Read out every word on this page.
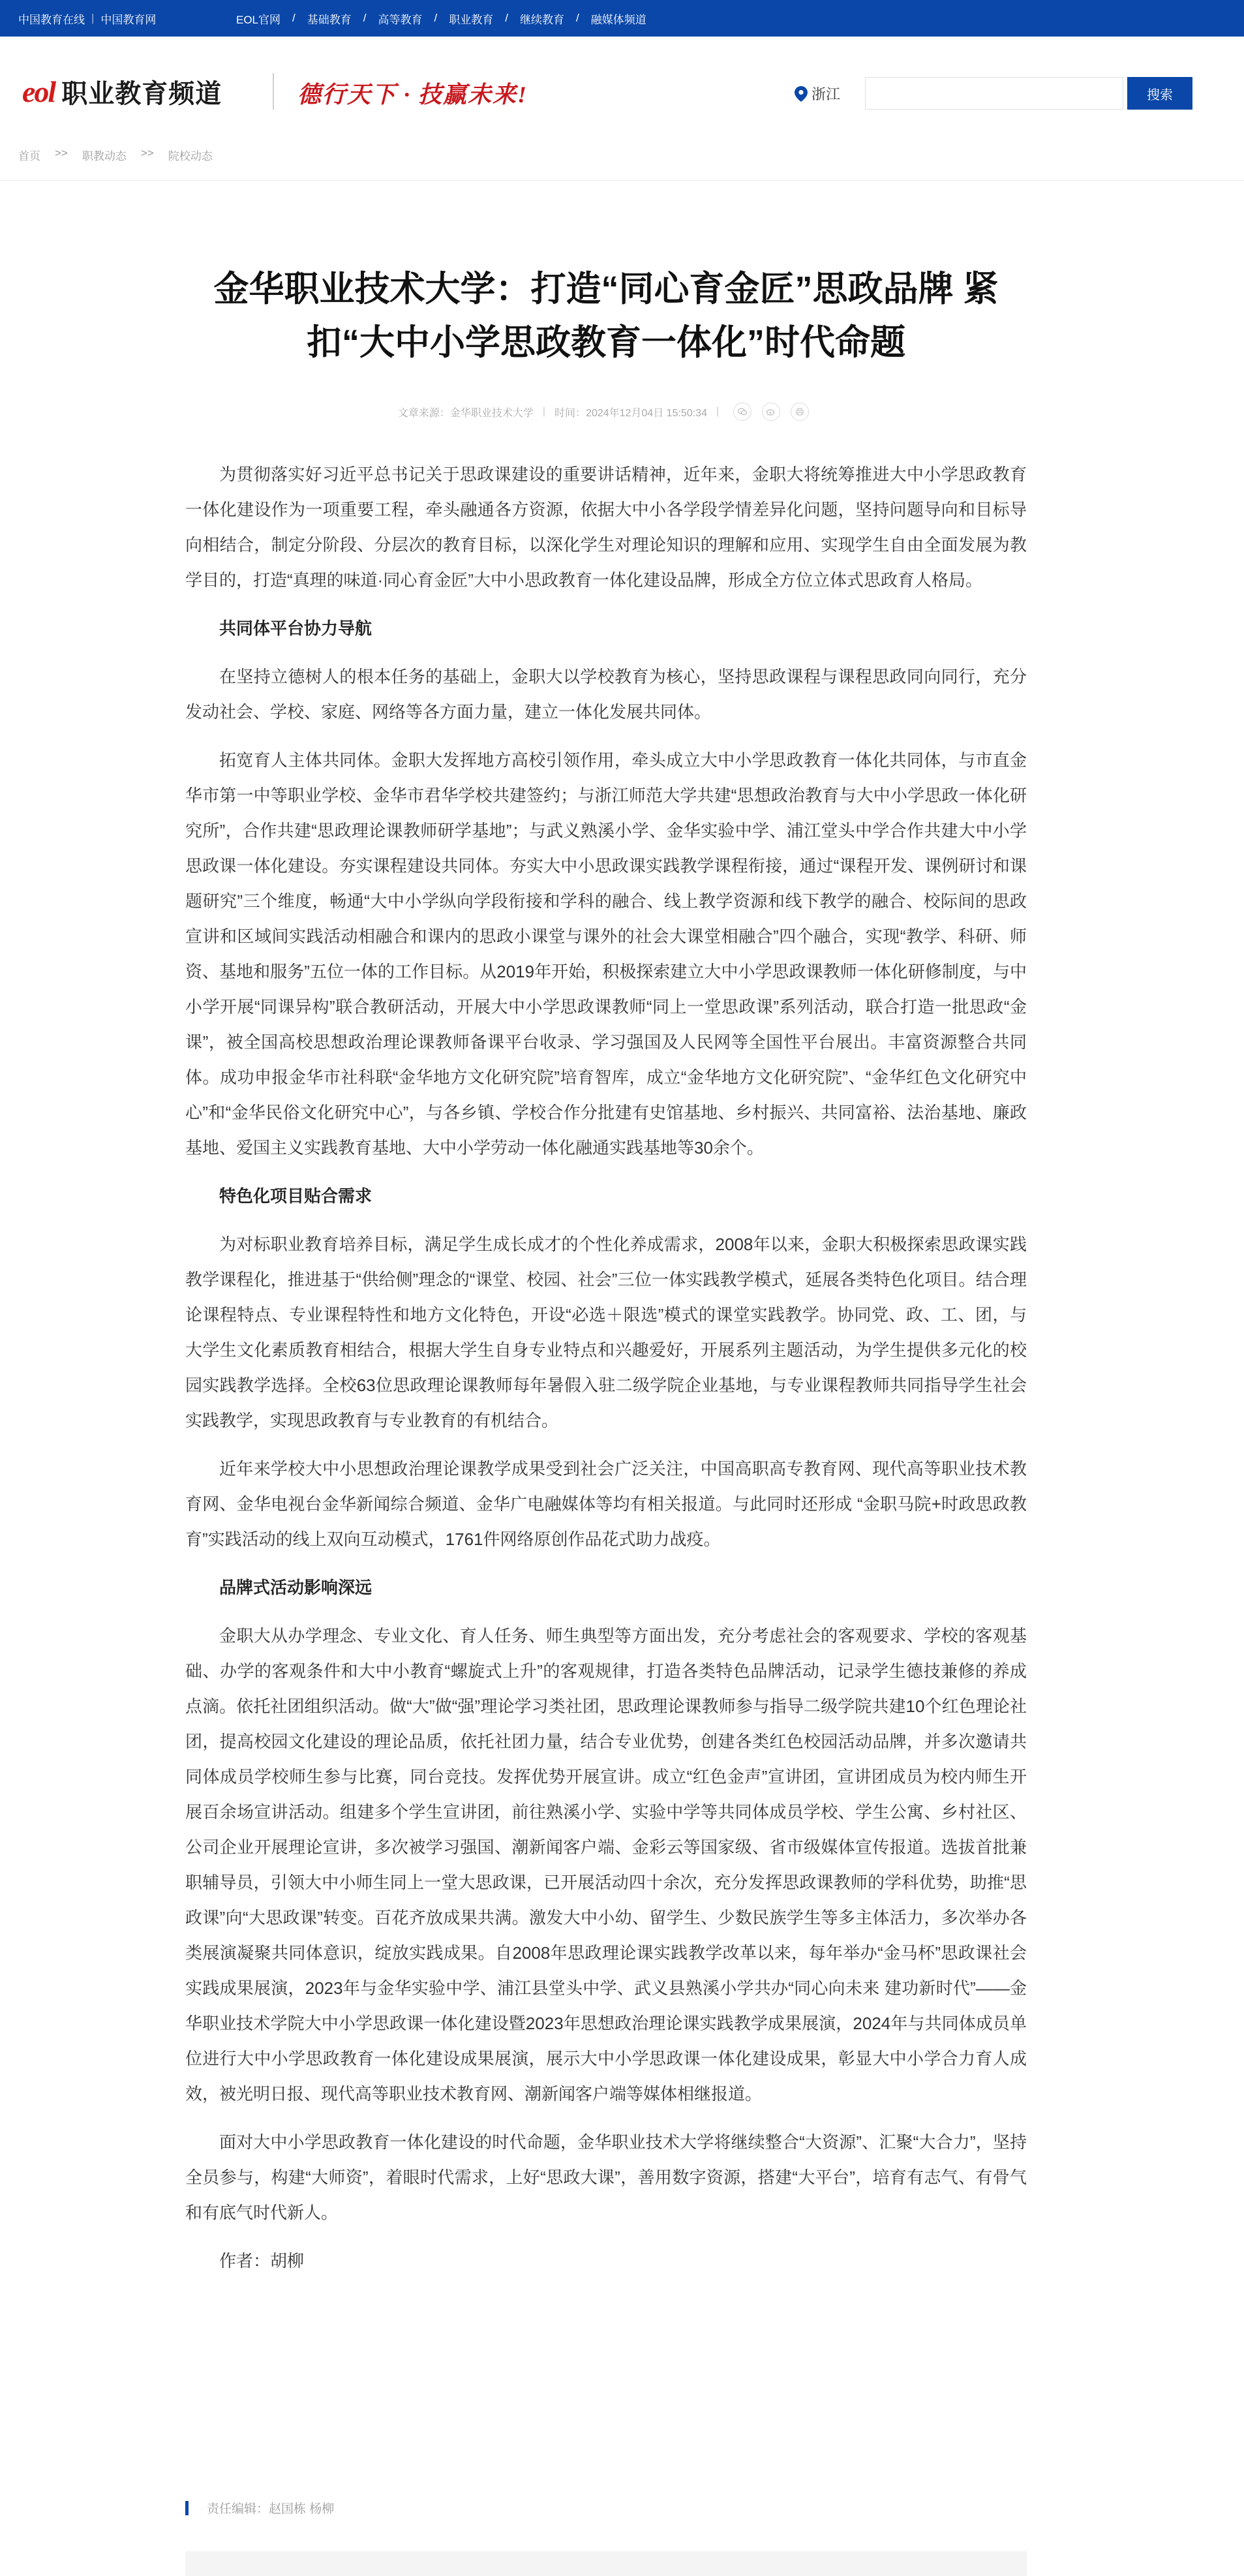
中国教育在线 | 中国教育网	EOL官网 / 基础教育 / 高等教育 / 职业教育 / 继续教育 / 融媒体频道
eol 职业教育频道	德行天下 · 技赢未来!	浙江	搜索
首页 >> 职教动态 >> 院校动态
金华职业技术大学：打造“同心育金匠”思政品牌 紧扣“大中小学思政教育一体化”时代命题
文章来源：金华职业技术大学 | 时间：2024年12月04日 15:50:34 |

为贯彻落实好习近平总书记关于思政课建设的重要讲话精神，近年来，金职大将统筹推进大中小学思政教育一体化建设作为一项重要工程，牵头融通各方资源，依据大中小各学段学情差异化问题，坚持问题导向和目标导向相结合，制定分阶段、分层次的教育目标，以深化学生对理论知识的理解和应用、实现学生自由全面发展为教学目的，打造“真理的味道·同心育金匠”大中小思政教育一体化建设品牌，形成全方位立体式思政育人格局。

共同体平台协力导航

在坚持立德树人的根本任务的基础上，金职大以学校教育为核心，坚持思政课程与课程思政同向同行，充分发动社会、学校、家庭、网络等各方面力量，建立一体化发展共同体。

拓宽育人主体共同体。金职大发挥地方高校引领作用，牵头成立大中小学思政教育一体化共同体，与市直金华市第一中等职业学校、金华市君华学校共建签约；与浙江师范大学共建“思想政治教育与大中小学思政一体化研究所”，合作共建“思政理论课教师研学基地”；与武义熟溪小学、金华实验中学、浦江堂头中学合作共建大中小学思政课一体化建设。夯实课程建设共同体。夯实大中小思政课实践教学课程衔接，通过“课程开发、课例研讨和课题研究”三个维度，畅通“大中小学纵向学段衔接和学科的融合、线上教学资源和线下教学的融合、校际间的思政宣讲和区域间实践活动相融合和课内的思政小课堂与课外的社会大课堂相融合”四个融合，实现“教学、科研、师资、基地和服务”五位一体的工作目标。从2019年开始，积极探索建立大中小学思政课教师一体化研修制度，与中小学开展“同课异构”联合教研活动，开展大中小学思政课教师“同上一堂思政课”系列活动，联合打造一批思政“金课”，被全国高校思想政治理论课教师备课平台收录、学习强国及人民网等全国性平台展出。丰富资源整合共同体。成功申报金华市社科联“金华地方文化研究院”培育智库，成立“金华地方文化研究院”、“金华红色文化研究中心”和“金华民俗文化研究中心”，与各乡镇、学校合作分批建有史馆基地、乡村振兴、共同富裕、法治基地、廉政基地、爱国主义实践教育基地、大中小学劳动一体化融通实践基地等30余个。

特色化项目贴合需求

为对标职业教育培养目标，满足学生成长成才的个性化养成需求，2008年以来，金职大积极探索思政课实践教学课程化，推进基于“供给侧”理念的“课堂、校园、社会”三位一体实践教学模式，延展各类特色化项目。结合理论课程特点、专业课程特性和地方文化特色，开设“必选＋限选”模式的课堂实践教学。协同党、政、工、团，与大学生文化素质教育相结合，根据大学生自身专业特点和兴趣爱好，开展系列主题活动，为学生提供多元化的校园实践教学选择。全校63位思政理论课教师每年暑假入驻二级学院企业基地，与专业课程教师共同指导学生社会实践教学，实现思政教育与专业教育的有机结合。

近年来学校大中小思想政治理论课教学成果受到社会广泛关注，中国高职高专教育网、现代高等职业技术教育网、金华电视台金华新闻综合频道、金华广电融媒体等均有相关报道。与此同时还形成 “金职马院+时政思政教育”实践活动的线上双向互动模式，1761件网络原创作品花式助力战疫。

品牌式活动影响深远

金职大从办学理念、专业文化、育人任务、师生典型等方面出发，充分考虑社会的客观要求、学校的客观基础、办学的客观条件和大中小教育“螺旋式上升”的客观规律，打造各类特色品牌活动，记录学生德技兼修的养成点滴。依托社团组织活动。做“大”做“强”理论学习类社团，思政理论课教师参与指导二级学院共建10个红色理论社团，提高校园文化建设的理论品质，依托社团力量，结合专业优势，创建各类红色校园活动品牌，并多次邀请共同体成员学校师生参与比赛，同台竞技。发挥优势开展宣讲。成立“红色金声”宣讲团，宣讲团成员为校内师生开展百余场宣讲活动。组建多个学生宣讲团，前往熟溪小学、实验中学等共同体成员学校、学生公寓、乡村社区、公司企业开展理论宣讲，多次被学习强国、潮新闻客户端、金彩云等国家级、省市级媒体宣传报道。选拔首批兼职辅导员，引领大中小师生同上一堂大思政课，已开展活动四十余次，充分发挥思政课教师的学科优势，助推“思政课”向“大思政课”转变。百花齐放成果共满。激发大中小幼、留学生、少数民族学生等多主体活力，多次举办各类展演凝聚共同体意识，绽放实践成果。自2008年思政理论课实践教学改革以来，每年举办“金马杯”思政课社会实践成果展演，2023年与金华实验中学、浦江县堂头中学、武义县熟溪小学共办“同心向未来 建功新时代”——金华职业技术学院大中小学思政课一体化建设暨2023年思想政治理论课实践教学成果展演，2024年与共同体成员单位进行大中小学思政教育一体化建设成果展演，展示大中小学思政课一体化建设成果，彰显大中小学合力育人成效，被光明日报、现代高等职业技术教育网、潮新闻客户端等媒体相继报道。

面对大中小学思政教育一体化建设的时代命题，金华职业技术大学将继续整合“大资源”、汇聚“大合力”，坚持全员参与，构建“大师资”，着眼时代需求，上好“思政大课”，善用数字资源，搭建“大平台”，培育有志气、有骨气和有底气时代新人。

作者：胡柳

责任编辑：赵国栋 杨柳
